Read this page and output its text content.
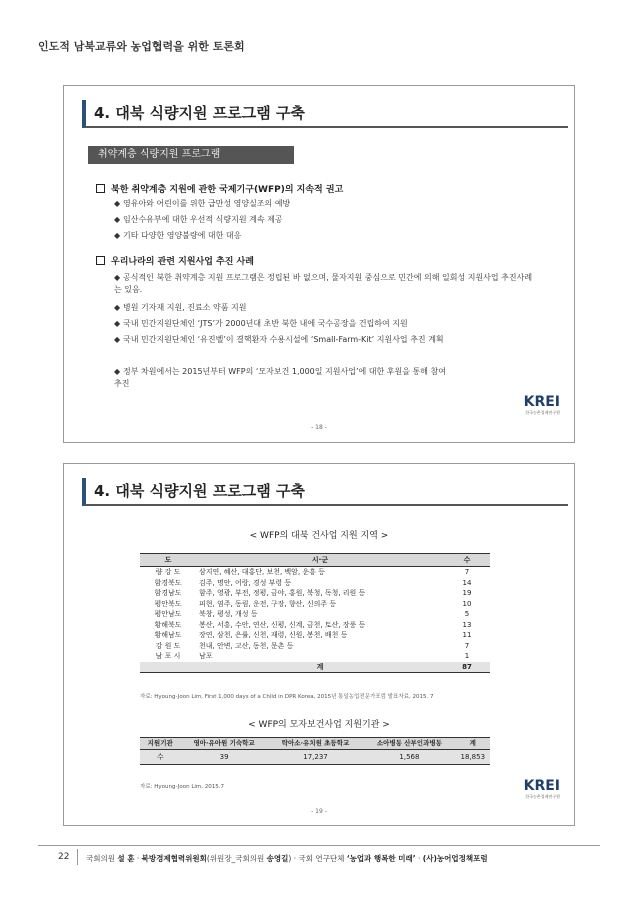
인도적 남북교류와 농업협력을 위한 토론회
4. 대북 식량지원 프로그램 구축
취약계층 식량지원 프로그램
북한 취약계층 지원에 관한 국제기구(WFP)의 지속적 권고
◆ 영유아와 어린이를 위한 급만성 영양실조의 예방
◆ 임산수유부에 대한 우선적 식량지원 계속 제공
◆ 기타 다양한 영양불량에 대한 대응
우리나라의 관련 지원사업 추진 사례
◆ 공식적인 북한 취약계층 지원 프로그램은 정립된 바 없으며, 물자지원 중심으로 민간에 의해 일회성 지원사업 추진사례는 있음.
◆ 병원 기자재 지원, 진료소 약품 지원
◆ 국내 민간지원단체인 ‘JTS’가 2000년대 초반 북한 내에 국수공장을 건립하여 지원
◆ 국내 민간지원단체인 ‘유진벨’이 결핵환자 수용시설에 ‘Small-Farm-Kit’ 지원사업 추진 계획
◆ 정부 차원에서는 2015년부터 WFP의 ‘모자보건 1,000일 지원사업’에 대한 후원을 통해 참여 추진
KREI
한국농촌경제연구원
- 18 -
4. 대북 식량지원 프로그램 구축
< WFP의 대북 건사업 지원 지역 >
도	시·군	수
량 강 도	삼지연, 혜산, 대홍단, 보천, 백암, 운흥 등	7
함경북도	김주, 명안, 어랑, 경성 부령 등	14
함경남도	함주, 영광, 부전, 정평, 금야, 홍원, 북청, 독청, 리원 등	19
평안북도	피현, 염주, 동림, 운전, 구장, 향산, 신의주 등	10
평안남도	북창, 평성, 개성 등	5
황해북도	봉산, 서흥, 수안, 연산, 신평, 신계, 금천, 토산, 장풍 등	13
황해남도	장연, 삼천, 은률, 신천, 재령, 신원, 봉천, 배천 등	11
강 원 도	천내, 안변, 고산, 동천, 문촌 등	7
남 포 시	남포	1
	계	87
자료: Hyoung-Joon Lim, First 1,000 days of a Child in DPR Korea, 2015년 통일농업전문가포럼 발표자료, 2015. 7
< WFP의 모자보건사업 지원기관 >
지원기관	영아·유아원 기숙학교	탁아소·유치원 초등학교	소아병동 산부인과병동	계
수	39	17,237	1,568	18,853
자료: Hyoung-Joon Lim, 2015.7	KREI
한국농촌경제연구원
- 19 -
22 국회의원 설 훈 · 북방경제협력위원회(위원장_국회의원 송영길) · 국회 연구단체 ‘농업과 행복한 미래’ · (사)농어업정책포럼
